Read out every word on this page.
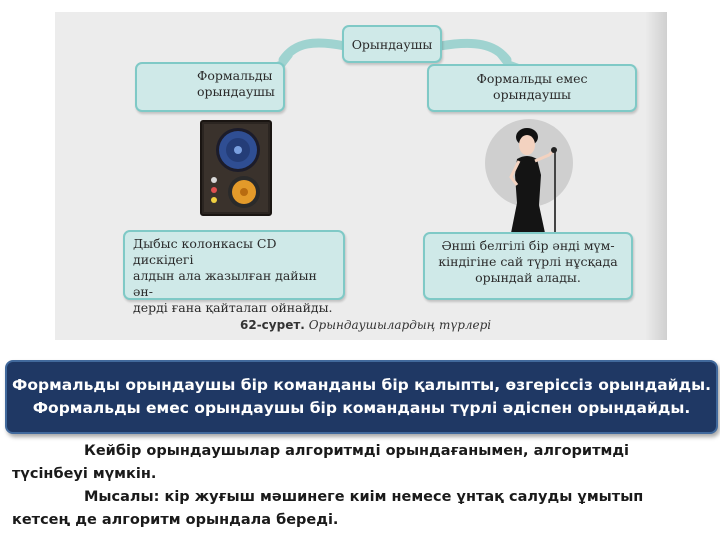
Орындаушы
Формальды
орындаушы
Формальды емес
орындаушы
Дыбыс колонкасы CD дискідегі
алдын ала жазылған дайын ән-
дерді ғана қайталап ойнайды.
Әнші белгілі бір әнді мүм-
кіндігіне сай түрлі нұсқада
орындай алады.
62-сурет. Орындаушылардың түрлері
Формальды орындаушы бір команданы бір қалыпты, өзгеріссіз орындайды.
Формальды емес орындаушы бір команданы түрлі әдіспен орындайды.

Кейбір орындаушылар алгоритмді орындағанымен, алгоритмді
түсінбеуі мүмкін.

Мысалы: кір жуғыш мәшинеге киім немесе ұнтақ салуды ұмытып
кетсең де алгоритм орындала береді.
